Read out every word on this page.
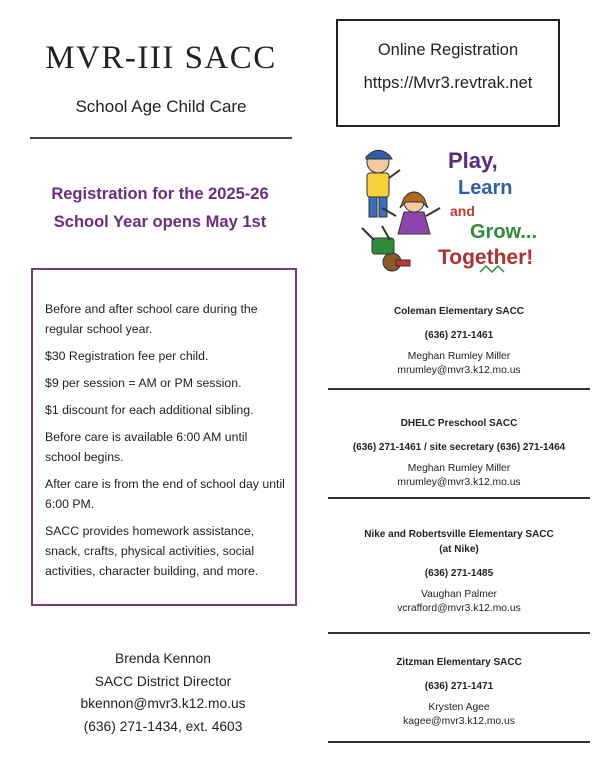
MVR-III SACC
School Age Child Care
Registration for the 2025-26
School Year opens May 1st

Before and after school care during the regular school year.

$30 Registration fee per child.

$9 per session = AM or PM session.

$1 discount for each additional sibling.

Before care is available 6:00 AM until school begins.

After care is from the end of school day until 6:00 PM.

SACC provides homework assistance, snack, crafts, physical activities, social activities, character building, and more.

Brenda Kennon
SACC District Director
bkennon@mvr3.k12.mo.us
(636) 271-1434, ext. 4603
Online Registration
https://Mvr3.revtrak.net
Play,
Learn
and
Grow...
Together!
Coleman Elementary SACC
(636) 271-1461
Meghan Rumley Miller
mrumley@mvr3.k12.mo.us
DHELC Preschool SACC
(636) 271-1461 / site secretary (636) 271-1464
Meghan Rumley Miller
mrumley@mvr3.k12.mo.us
Nike and Robertsville Elementary SACC
(at Nike)
(636) 271-1485
Vaughan Palmer
vcrafford@mvr3.k12.mo.us
Zitzman Elementary SACC
(636) 271-1471
Krysten Agee
kagee@mvr3.k12.mo.us
